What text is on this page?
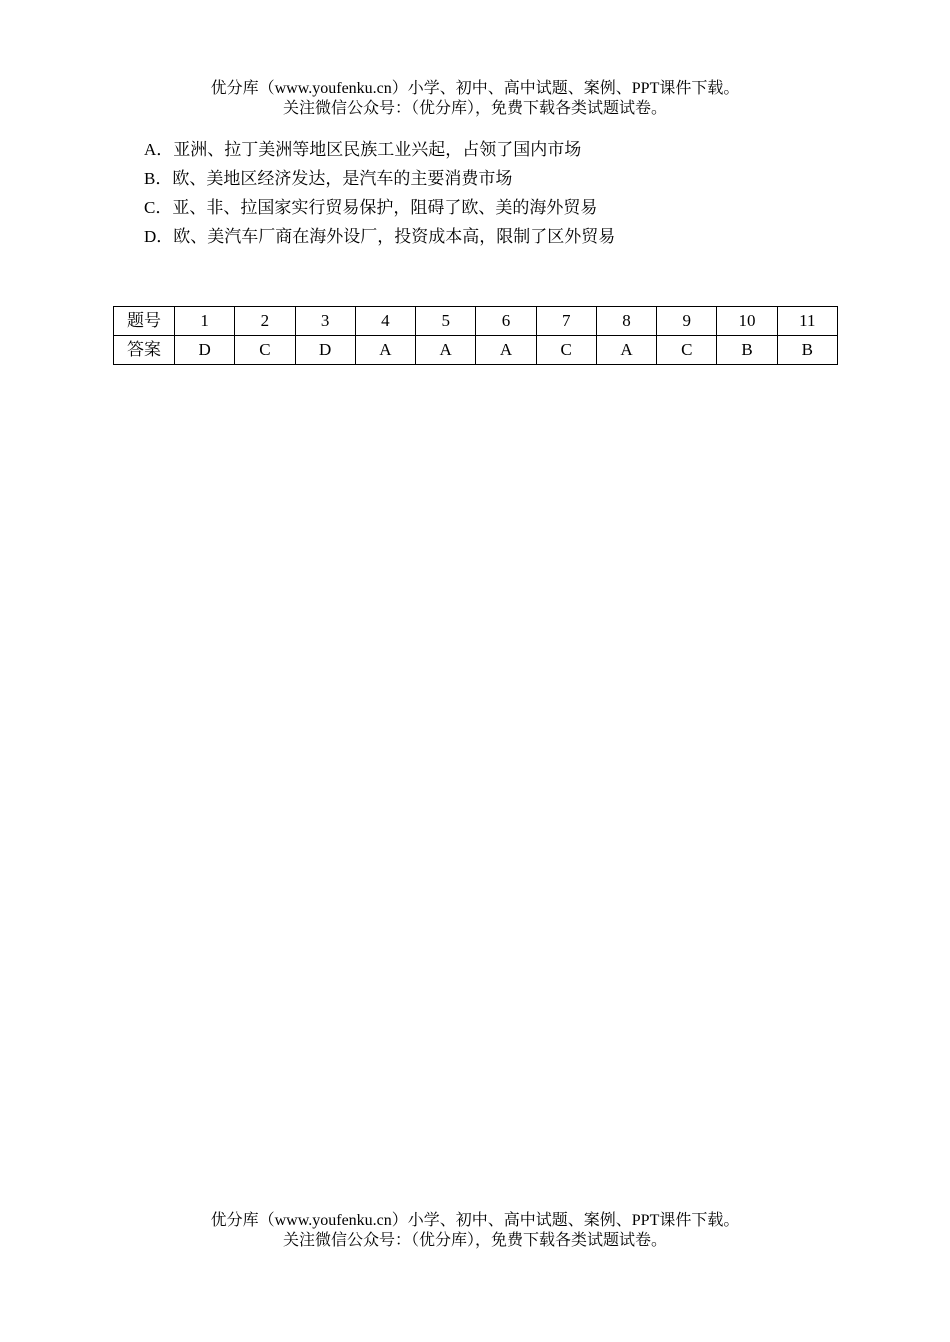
优分库（www.youfenku.cn）小学、初中、高中试题、案例、PPT课件下载。
关注微信公众号：（优分库），免费下载各类试题试卷。
A．亚洲、拉丁美洲等地区民族工业兴起，占领了国内市场
B．欧、美地区经济发达，是汽车的主要消费市场
C．亚、非、拉国家实行贸易保护，阻碍了欧、美的海外贸易
D．欧、美汽车厂商在海外设厂，投资成本高，限制了区外贸易
题号	1	2	3	4	5	6	7	8	9	10	11
答案	D	C	D	A	A	A	C	A	C	B	B
优分库（www.youfenku.cn）小学、初中、高中试题、案例、PPT课件下载。
关注微信公众号：（优分库），免费下载各类试题试卷。
